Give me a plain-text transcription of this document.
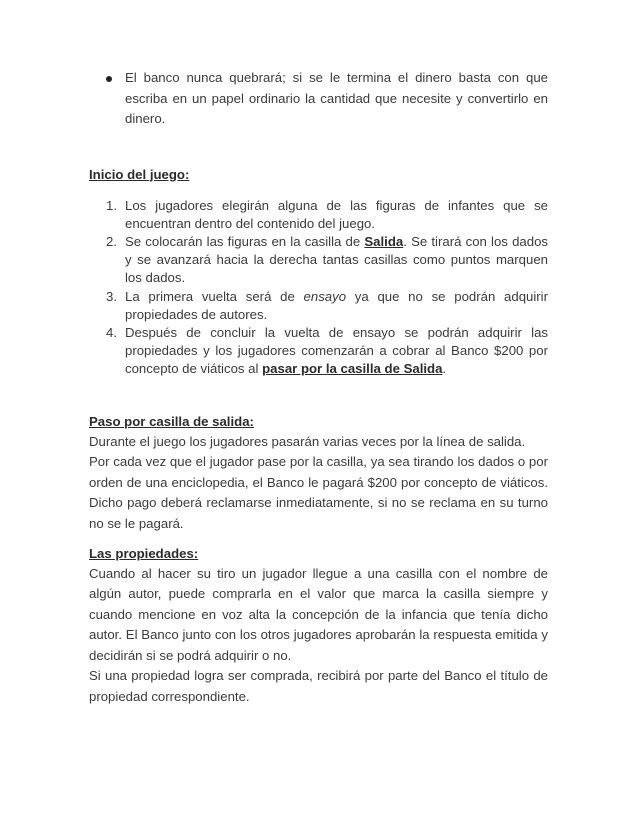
El banco nunca quebrará; si se le termina el dinero basta con que escriba en un papel ordinario la cantidad que necesite y convertirlo en dinero.

Inicio del juego:

1. Los jugadores elegirán alguna de las figuras de infantes que se encuentran dentro del contenido del juego.
2. Se colocarán las figuras en la casilla de Salida. Se tirará con los dados y se avanzará hacia la derecha tantas casillas como puntos marquen los dados.
3. La primera vuelta será de ensayo ya que no se podrán adquirir propiedades de autores.
4. Después de concluir la vuelta de ensayo se podrán adquirir las propiedades y los jugadores comenzarán a cobrar al Banco $200 por concepto de viáticos al pasar por la casilla de Salida.

Paso por casilla de salida:

Durante el juego los jugadores pasarán varias veces por la línea de salida.

Por cada vez que el jugador pase por la casilla, ya sea tirando los dados o por orden de una enciclopedia, el Banco le pagará $200 por concepto de viáticos. Dicho pago deberá reclamarse inmediatamente, si no se reclama en su turno no se le pagará.

Las propiedades:

Cuando al hacer su tiro un jugador llegue a una casilla con el nombre de algún autor, puede comprarla en el valor que marca la casilla siempre y cuando mencione en voz alta la concepción de la infancia que tenía dicho autor. El Banco junto con los otros jugadores aprobarán la respuesta emitida y decidirán si se podrá adquirir o no.

Si una propiedad logra ser comprada, recibirá por parte del Banco el título de propiedad correspondiente.
